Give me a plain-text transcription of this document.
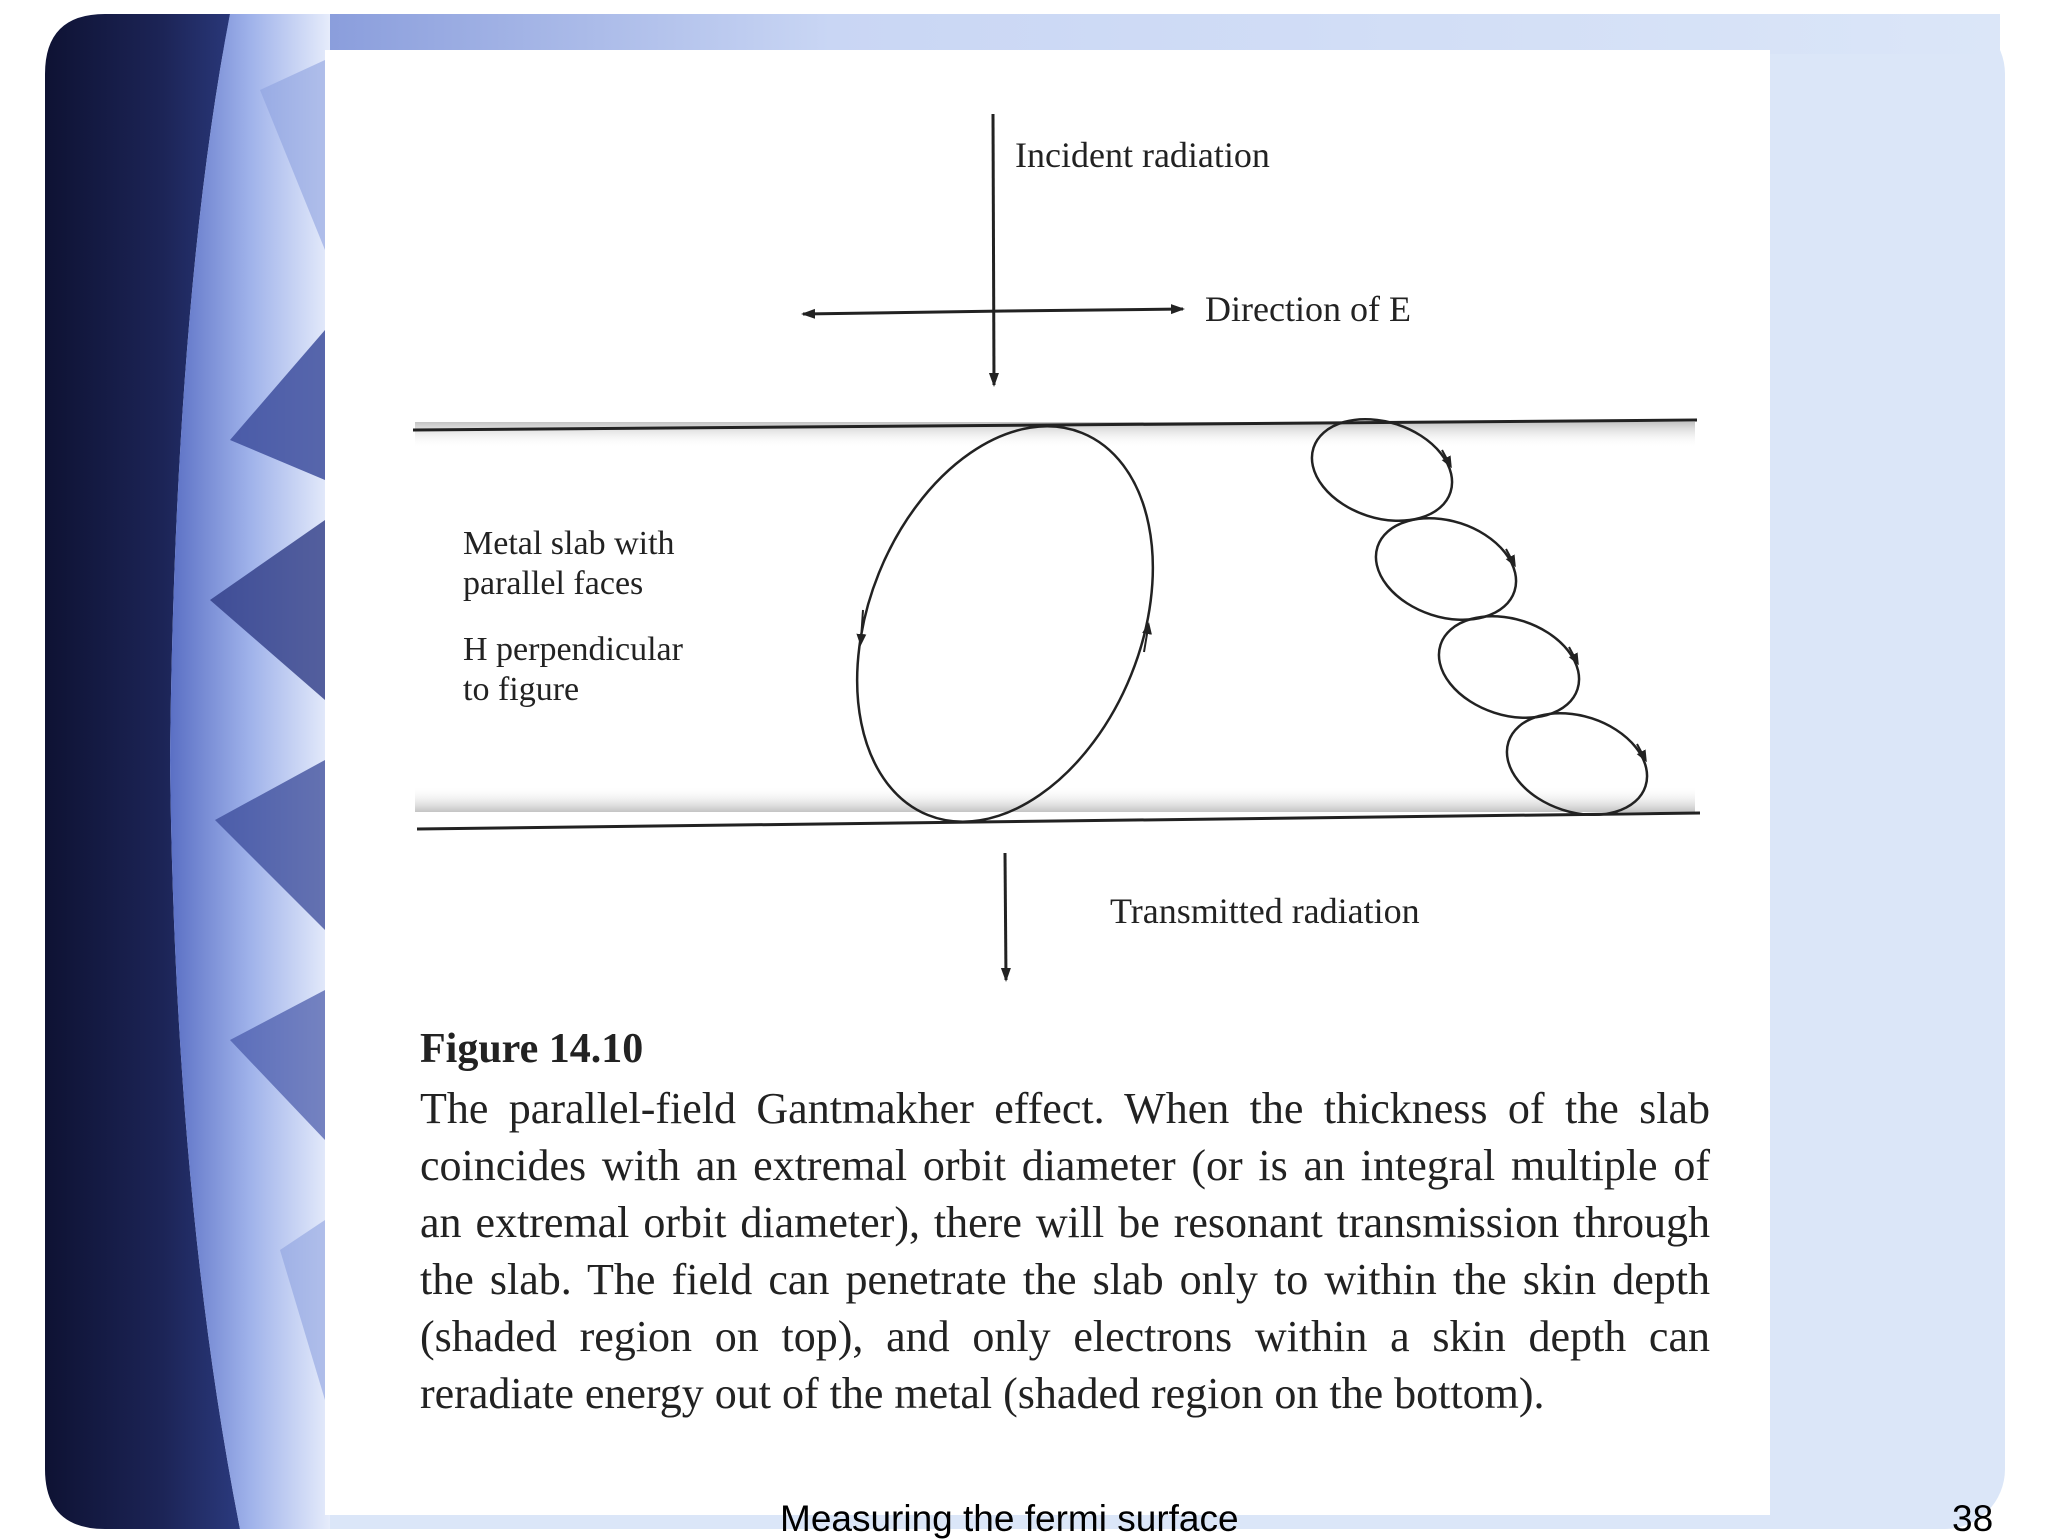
Incident radiation
Direction of E
Metal slab with
parallel faces
H perpendicular
to figure
Transmitted radiation

Figure 14.10

The parallel-field Gantmakher effect. When the thickness of the slab coincides with an extremal orbit diameter (or is an integral multiple of an extremal orbit diameter), there will be resonant transmission through the slab. The field can penetrate the slab only to within the skin depth (shaded region on top), and only electrons within a skin depth can reradiate energy out of the metal (shaded region on the bottom).

Measuring the fermi surface	38
